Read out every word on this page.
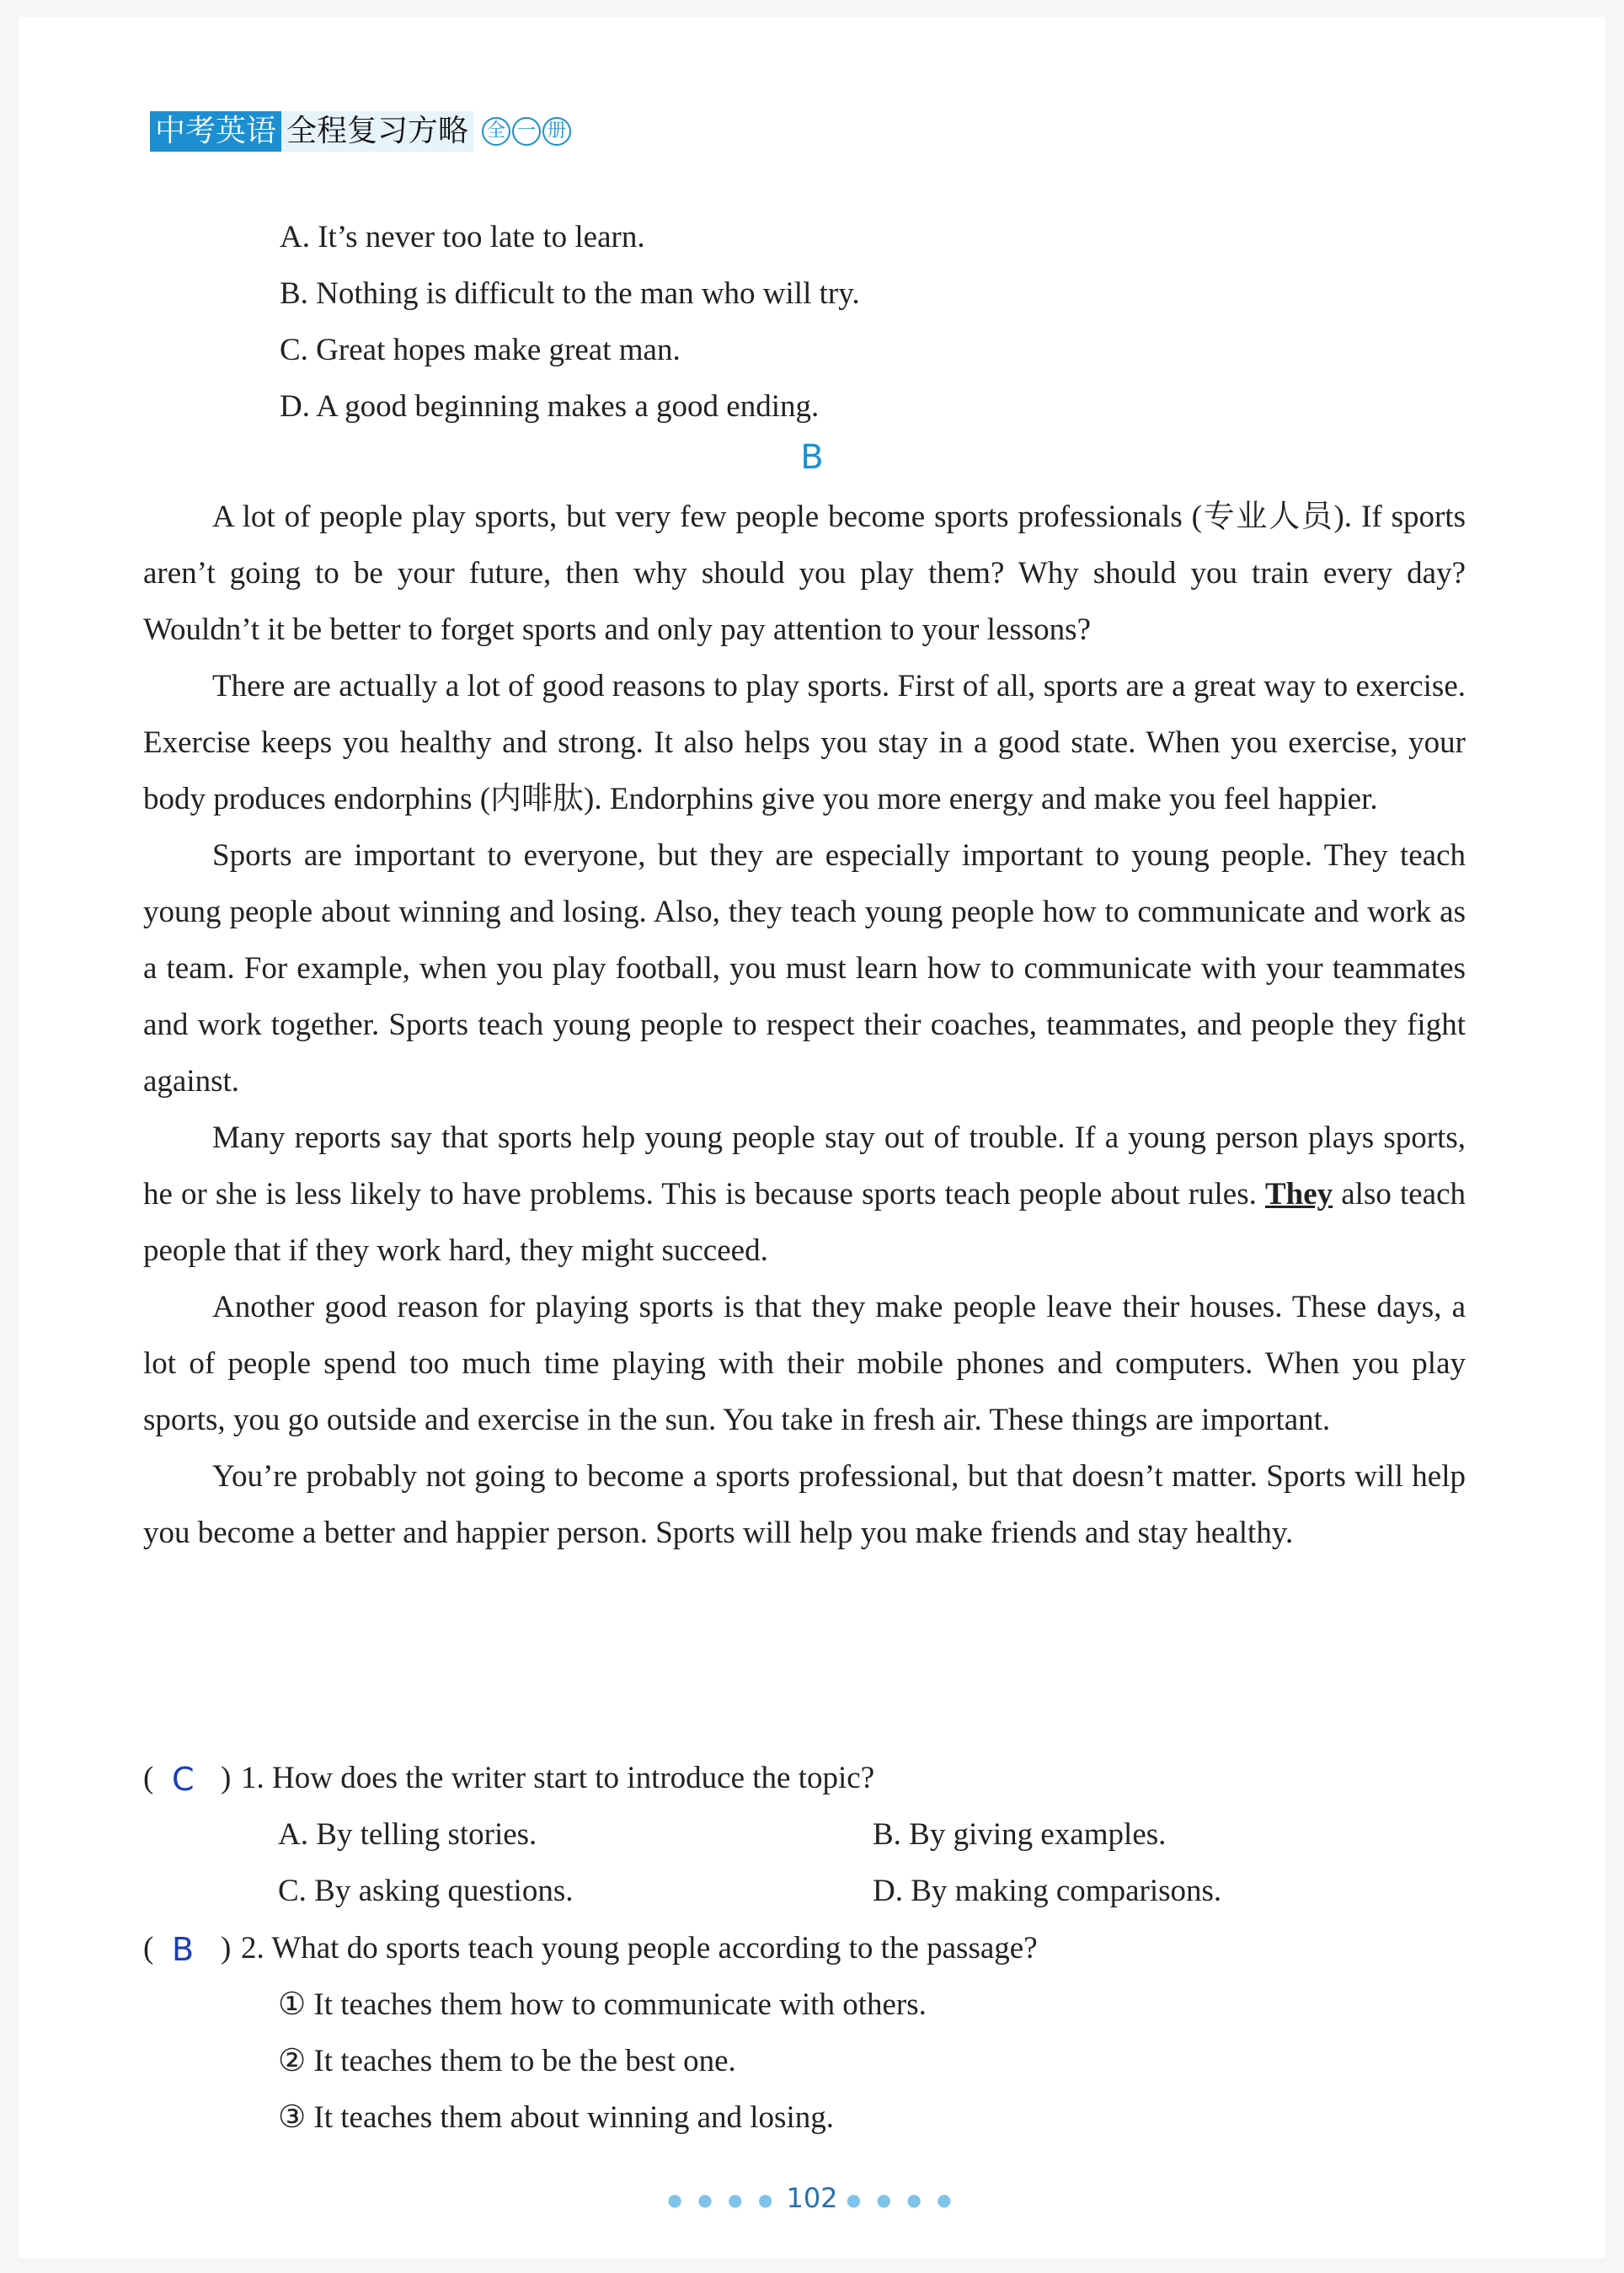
中考英语 全程复习方略 全 一 册
A. It’s never too late to learn.
B. Nothing is difficult to the man who will try.
C. Great hopes make great man.
D. A good beginning makes a good ending.
B

A lot of people play sports, but very few people become sports professionals (专业人员). If sports aren’t going to be your future, then why should you play them? Why should you train every day? Wouldn’t it be better to forget sports and only pay attention to your lessons?

There are actually a lot of good reasons to play sports. First of all, sports are a great way to exercise. Exercise keeps you healthy and strong. It also helps you stay in a good state. When you exercise, your body produces endorphins (内啡肽). Endorphins give you more energy and make you feel happier.

Sports are important to everyone, but they are especially important to young people. They teach young people about winning and losing. Also, they teach young people how to communicate and work as a team. For example, when you play football, you must learn how to communicate with your teammates and work together. Sports teach young people to respect their coaches, teammates, and people they fight against.

Many reports say that sports help young people stay out of trouble. If a young person plays sports, he or she is less likely to have problems. This is because sports teach people about rules. They also teach people that if they work hard, they might succeed.

Another good reason for playing sports is that they make people leave their houses. These days, a lot of people spend too much time playing with their mobile phones and computers. When you play sports, you go outside and exercise in the sun. You take in fresh air. These things are important.

You’re probably not going to become a sports professional, but that doesn’t matter. Sports will help you become a better and happier person. Sports will help you make friends and stay healthy.

( C ) 1. How does the writer start to introduce the topic?
A. By telling stories.	B. By giving examples.
C. By asking questions.	D. By making comparisons.
( B ) 2. What do sports teach young people according to the passage?
① It teaches them how to communicate with others.
② It teaches them to be the best one.
③ It teaches them about winning and losing.
● ● ● ● 102 ● ● ● ●
